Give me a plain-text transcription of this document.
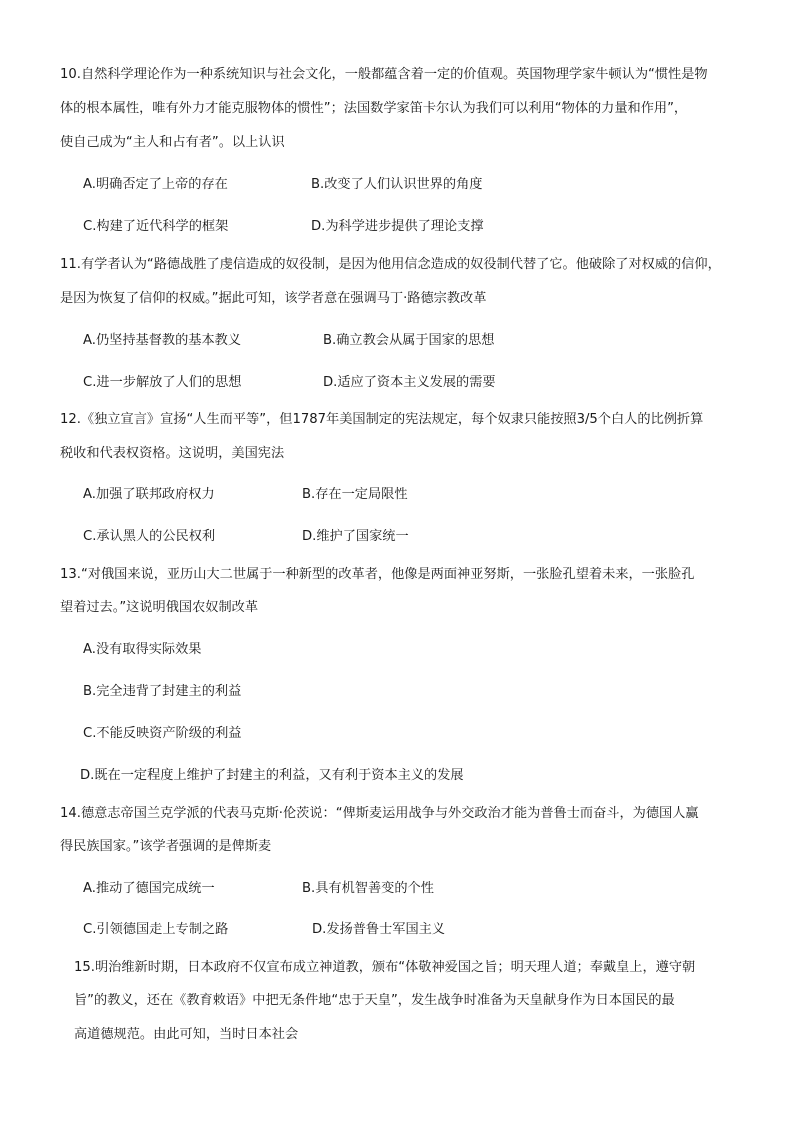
10.自然科学理论作为一种系统知识与社会文化，一般都蕴含着一定的价值观。英国物理学家牛顿认为“惯性是物
体的根本属性，唯有外力才能克服物体的惯性”；法国数学家笛卡尔认为我们可以利用“物体的力量和作用”，
使自己成为“主人和占有者”。以上认识
A.明确否定了上帝的存在	B.改变了人们认识世界的角度
C.构建了近代科学的框架	D.为科学进步提供了理论支撑
11.有学者认为“路德战胜了虔信造成的奴役制，是因为他用信念造成的奴役制代替了它。他破除了对权威的信仰，
是因为恢复了信仰的权威。”据此可知，该学者意在强调马丁·路德宗教改革
A.仍坚持基督教的基本教义	B.确立教会从属于国家的思想
C.进一步解放了人们的思想	D.适应了资本主义发展的需要
12.《独立宣言》宣扬“人生而平等”，但1787年美国制定的宪法规定，每个奴隶只能按照3/5个白人的比例折算
税收和代表权资格。这说明，美国宪法
A.加强了联邦政府权力	B.存在一定局限性
C.承认黑人的公民权利	D.维护了国家统一
13.“对俄国来说，亚历山大二世属于一种新型的改革者，他像是两面神亚努斯，一张脸孔望着未来，一张脸孔
望着过去。”这说明俄国农奴制改革
A.没有取得实际效果
B.完全违背了封建主的利益
C.不能反映资产阶级的利益
D.既在一定程度上维护了封建主的利益，又有利于资本主义的发展
14.德意志帝国兰克学派的代表马克斯·伦茨说：“俾斯麦运用战争与外交政治才能为普鲁士而奋斗，为德国人赢
得民族国家。”该学者强调的是俾斯麦
A.推动了德国完成统一	B.具有机智善变的个性
C.引领德国走上专制之路	D.发扬普鲁士军国主义
15.明治维新时期，日本政府不仅宣布成立神道教，颁布“体敬神爱国之旨；明天理人道；奉戴皇上，遵守朝
旨”的教义，还在《教育敕语》中把无条件地“忠于天皇”，发生战争时准备为天皇献身作为日本国民的最
高道德规范。由此可知，当时日本社会
